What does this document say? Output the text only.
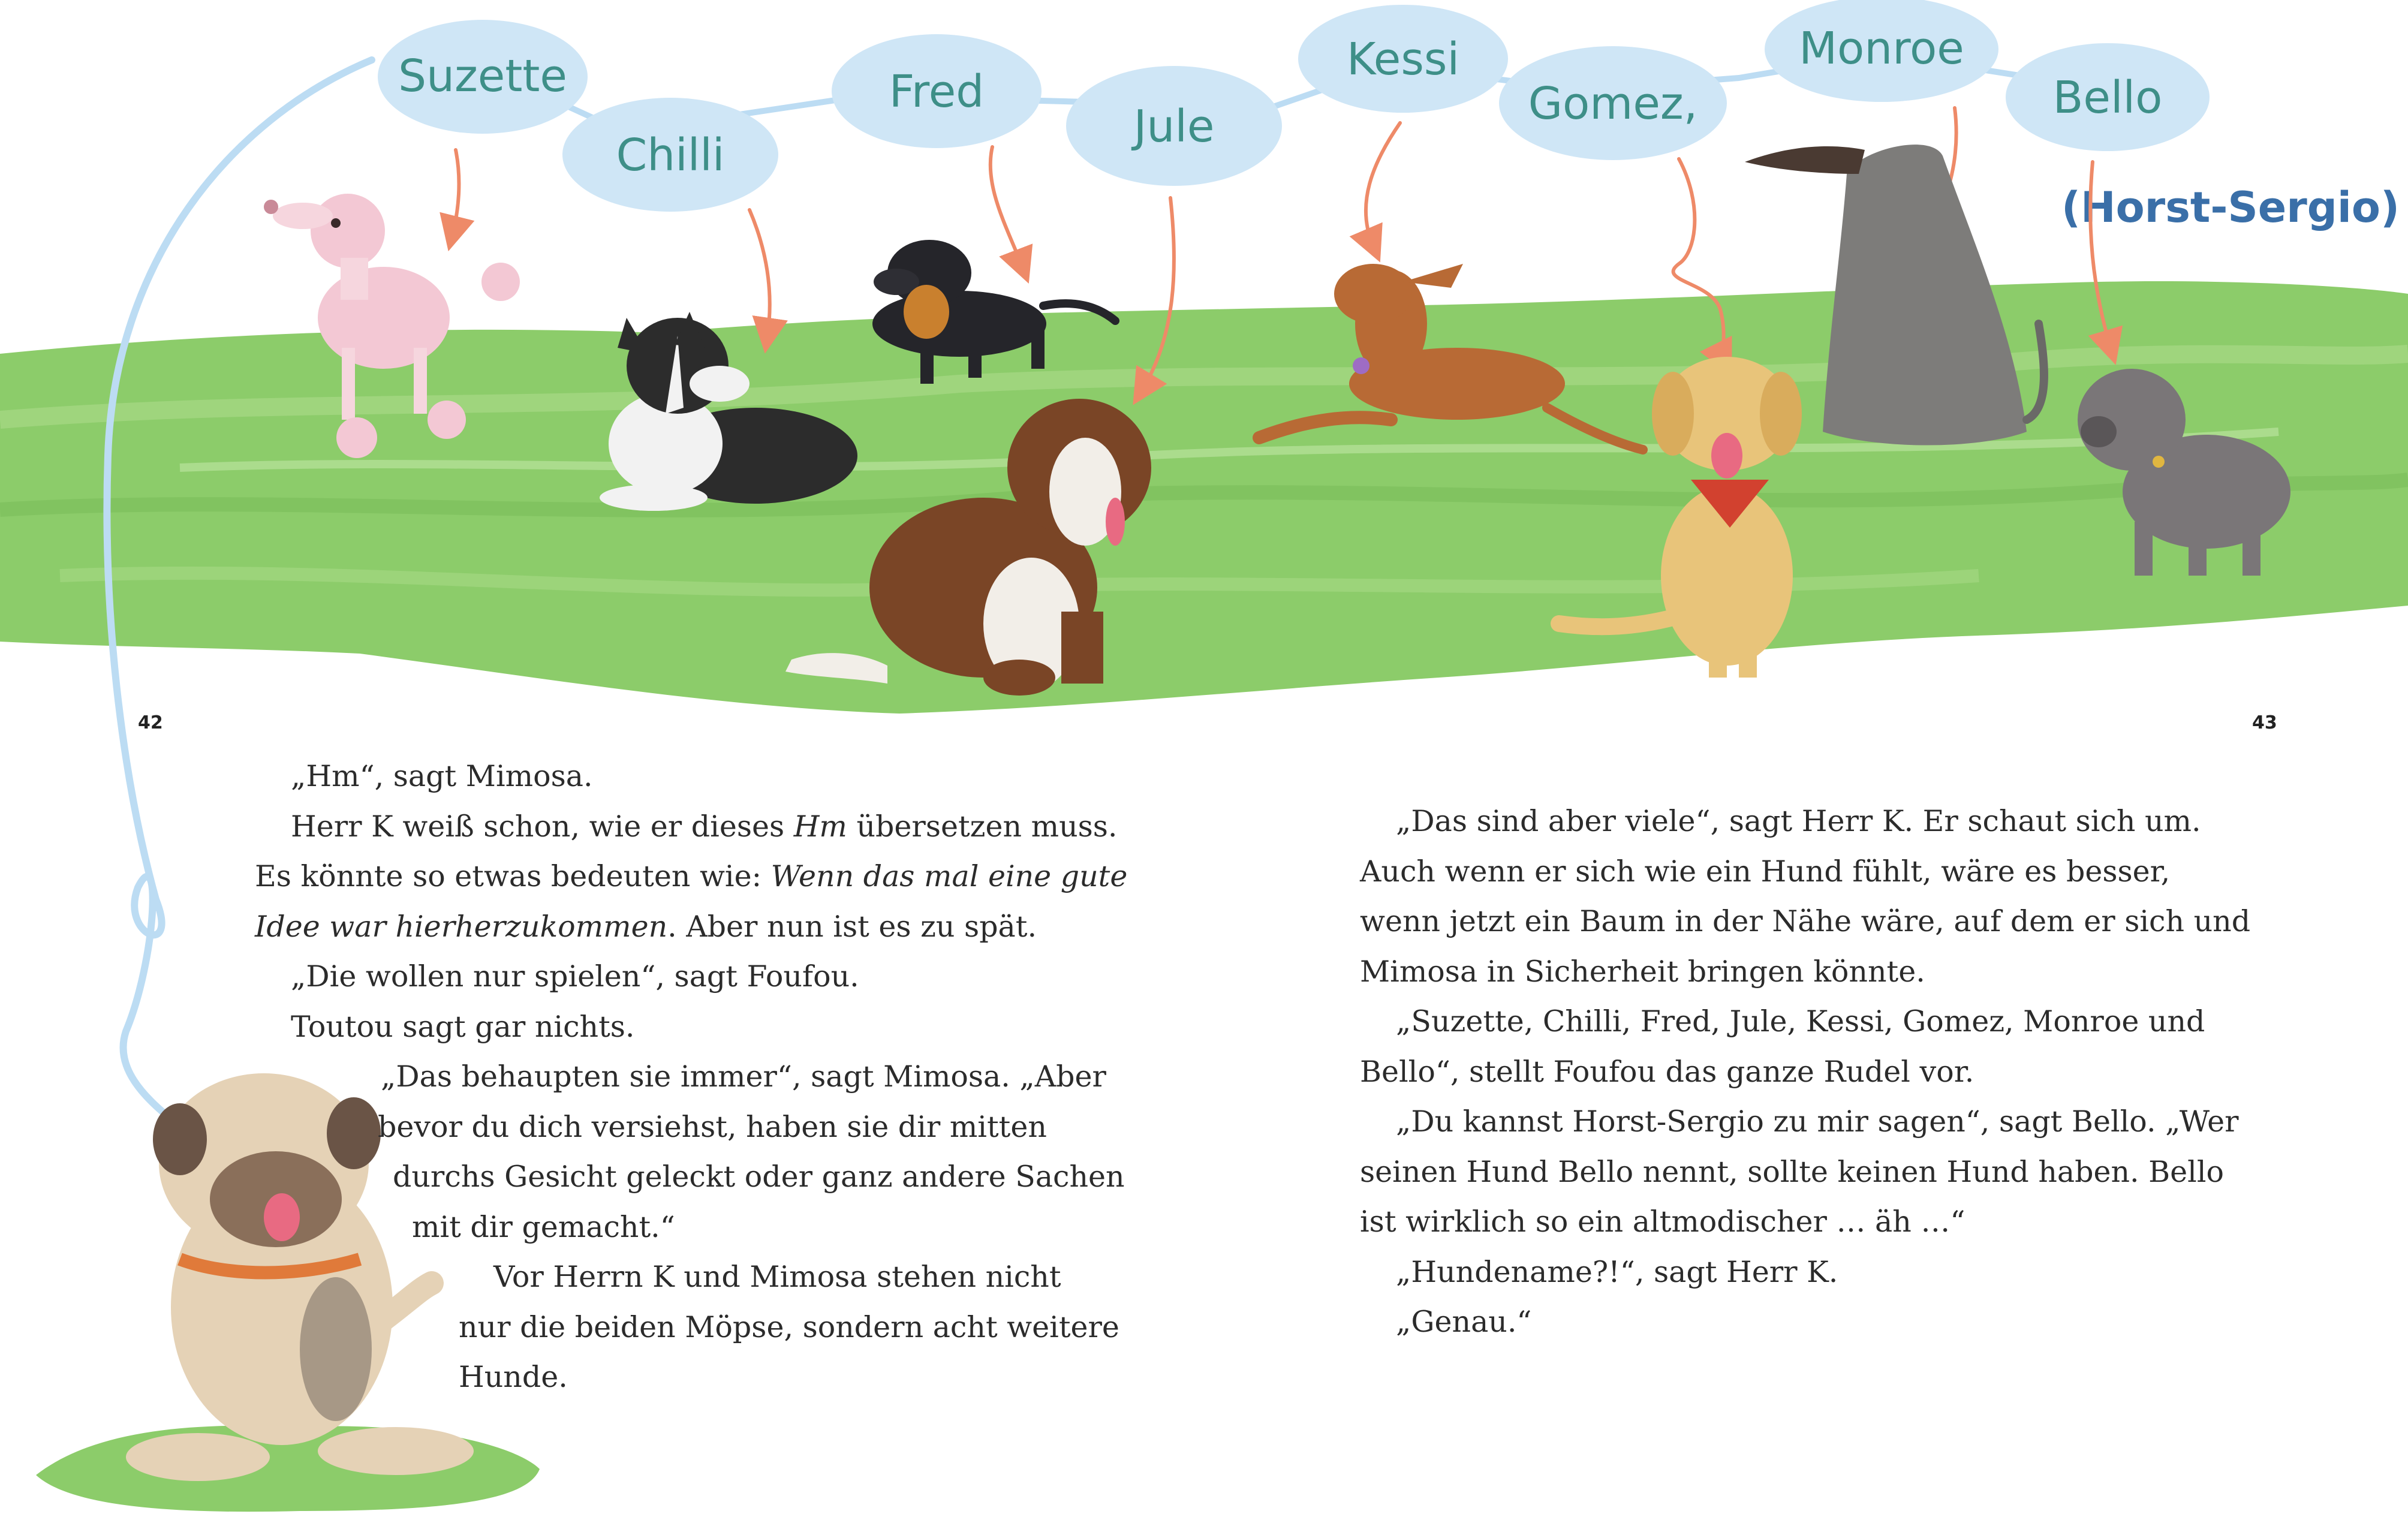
Suzette
Chilli
Fred
Jule
Kessi
Gomez,
Monroe
Bello
(Horst-Sergio)
42	43

„Hm“, sagt Mimosa.

Herr K weiß schon, wie er dieses Hm übersetzen muss.

Es könnte so etwas bedeuten wie: Wenn das mal eine gute

Idee war hierherzukommen. Aber nun ist es zu spät.

„Die wollen nur spielen“, sagt Foufou.

Toutou sagt gar nichts.

„Das behaupten sie immer“, sagt Mimosa. „Aber

bevor du dich versiehst, haben sie dir mitten

durchs Gesicht geleckt oder ganz andere Sachen

mit dir gemacht.“

Vor Herrn K und Mimosa stehen nicht

nur die beiden Möpse, sondern acht weitere

Hunde.

„Das sind aber viele“, sagt Herr K. Er schaut sich um.

Auch wenn er sich wie ein Hund fühlt, wäre es besser,

wenn jetzt ein Baum in der Nähe wäre, auf dem er sich und

Mimosa in Sicherheit bringen könnte.

„Suzette, Chilli, Fred, Jule, Kessi, Gomez, Monroe und

Bello“, stellt Foufou das ganze Rudel vor.

„Du kannst Horst-Sergio zu mir sagen“, sagt Bello. „Wer

seinen Hund Bello nennt, sollte keinen Hund haben. Bello

ist wirklich so ein altmodischer … äh …“

„Hundename?!“, sagt Herr K.

„Genau.“
